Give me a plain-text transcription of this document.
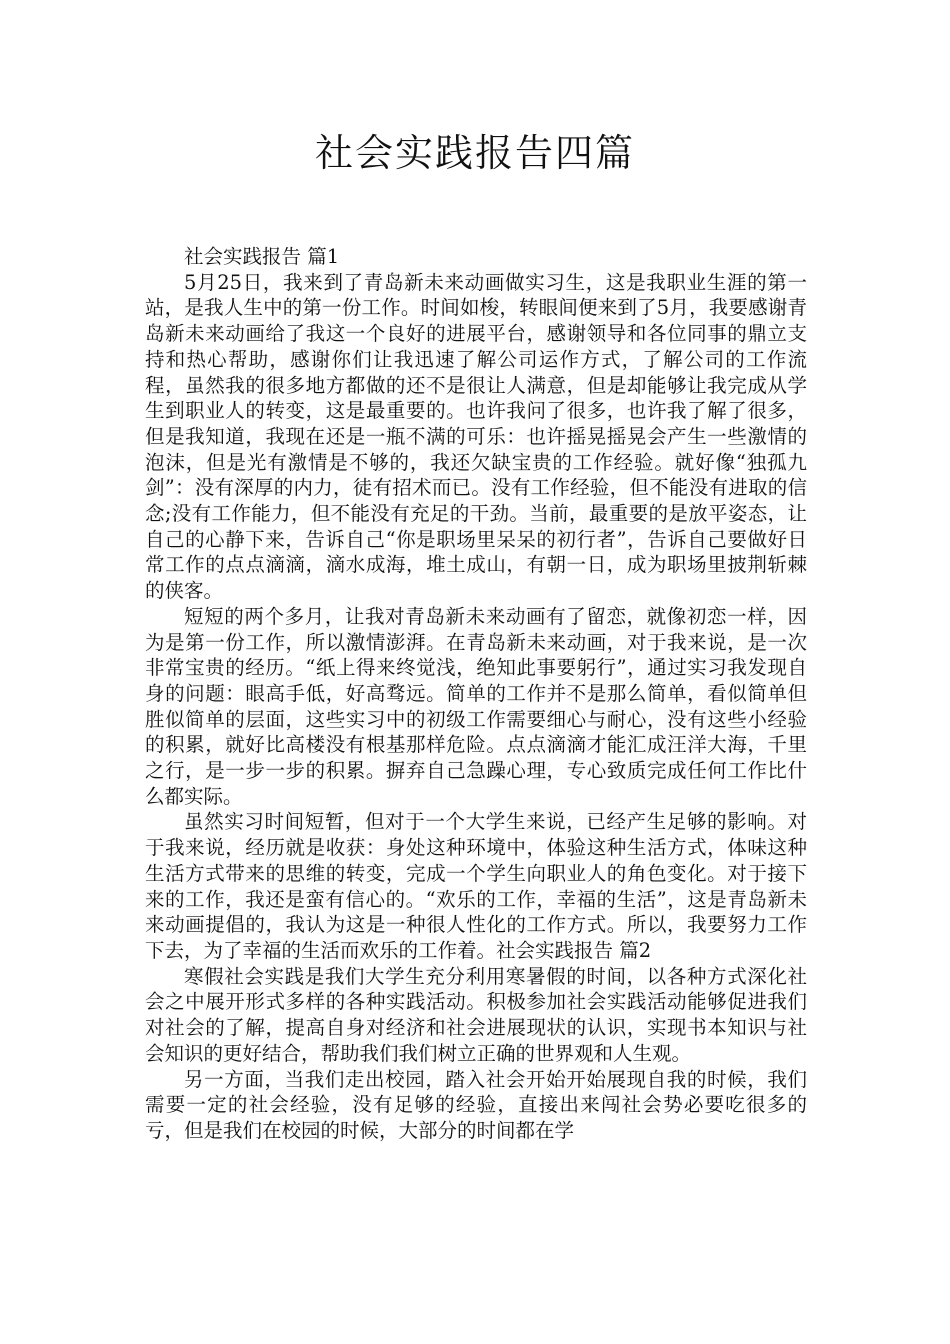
社会实践报告四篇

社会实践报告 篇1

5月25日，我来到了青岛新未来动画做实习生，这是我职业生涯的第一站，是我人生中的第一份工作。时间如梭，转眼间便来到了5月，我要感谢青岛新未来动画给了我这一个良好的进展平台，感谢领导和各位同事的鼎立支持和热心帮助，感谢你们让我迅速了解公司运作方式，了解公司的工作流程，虽然我的很多地方都做的还不是很让人满意，但是却能够让我完成从学生到职业人的转变，这是最重要的。也许我问了很多，也许我了解了很多，但是我知道，我现在还是一瓶不满的可乐：也许摇晃摇晃会产生一些激情的泡沫，但是光有激情是不够的，我还欠缺宝贵的工作经验。就好像“独孤九剑”：没有深厚的内力，徒有招术而已。没有工作经验，但不能没有进取的信念;没有工作能力，但不能没有充足的干劲。当前，最重要的是放平姿态，让自己的心静下来，告诉自己“你是职场里呆呆的初行者”，告诉自己要做好日常工作的点点滴滴，滴水成海，堆土成山，有朝一日，成为职场里披荆斩棘的侠客。

短短的两个多月，让我对青岛新未来动画有了留恋，就像初恋一样，因为是第一份工作，所以激情澎湃。在青岛新未来动画，对于我来说，是一次非常宝贵的经历。“纸上得来终觉浅，绝知此事要躬行”，通过实习我发现自身的问题：眼高手低，好高骛远。简单的工作并不是那么简单，看似简单但胜似简单的层面，这些实习中的初级工作需要细心与耐心，没有这些小经验的积累，就好比高楼没有根基那样危险。点点滴滴才能汇成汪洋大海，千里之行，是一步一步的积累。摒弃自己急躁心理，专心致质完成任何工作比什么都实际。

虽然实习时间短暂，但对于一个大学生来说，已经产生足够的影响。对于我来说，经历就是收获：身处这种环境中，体验这种生活方式，体味这种生活方式带来的思维的转变，完成一个学生向职业人的角色变化。对于接下来的工作，我还是蛮有信心的。“欢乐的工作，幸福的生活”，这是青岛新未来动画提倡的，我认为这是一种很人性化的工作方式。所以，我要努力工作下去，为了幸福的生活而欢乐的工作着。社会实践报告 篇2

寒假社会实践是我们大学生充分利用寒暑假的时间，以各种方式深化社会之中展开形式多样的各种实践活动。积极参加社会实践活动能够促进我们对社会的了解，提高自身对经济和社会进展现状的认识，实现书本知识与社会知识的更好结合，帮助我们我们树立正确的世界观和人生观。

另一方面，当我们走出校园，踏入社会开始开始展现自我的时候，我们需要一定的社会经验，没有足够的经验，直接出来闯社会势必要吃很多的亏，但是我们在校园的时候，大部分的时间都在学
